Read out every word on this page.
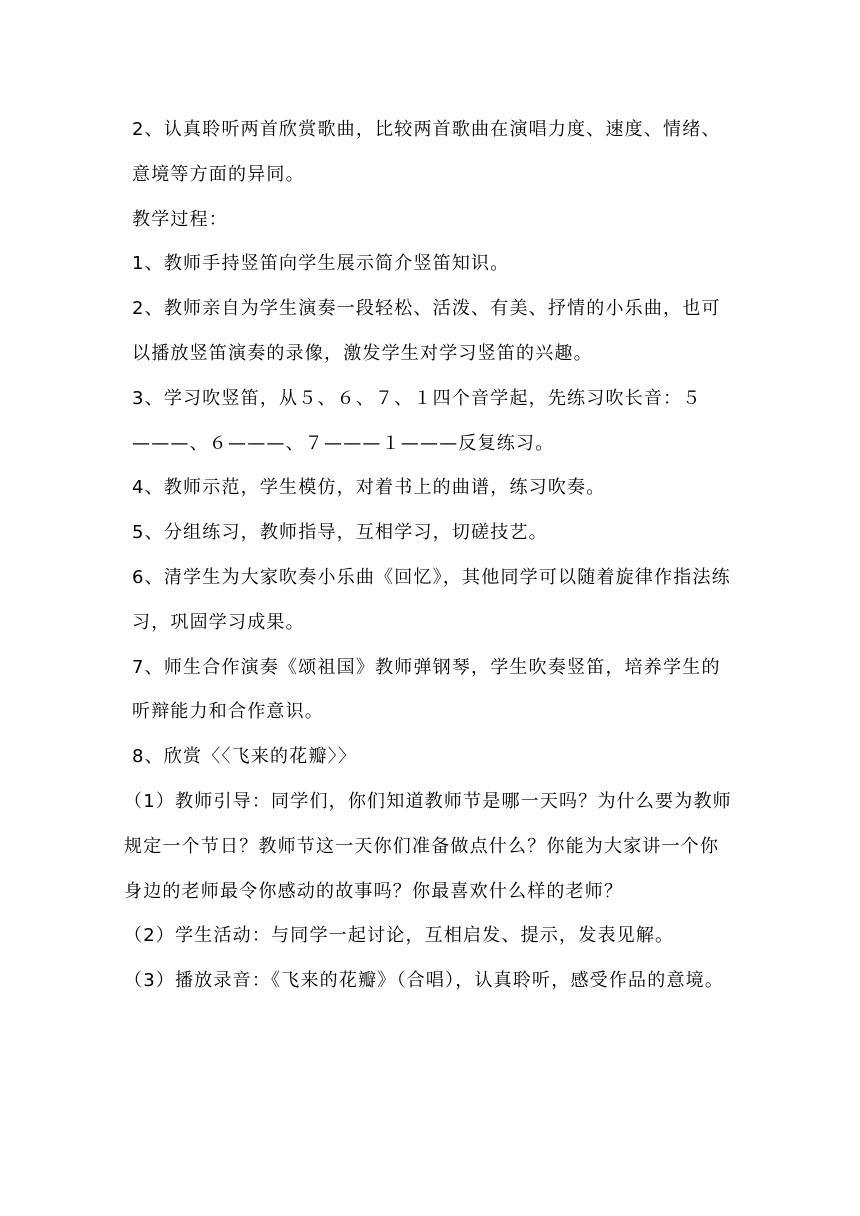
2、认真聆听两首欣赏歌曲，比较两首歌曲在演唱力度、速度、情绪、意境等方面的异同。

教学过程：

1、教师手持竖笛向学生展示简介竖笛知识。

2、教师亲自为学生演奏一段轻松、活泼、有美、抒情的小乐曲，也可以播放竖笛演奏的录像，激发学生对学习竖笛的兴趣。

3、学习吹竖笛，从５、６、７、１四个音学起，先练习吹长音：５———、６———、７———１———反复练习。

4、教师示范，学生模仿，对着书上的曲谱，练习吹奏。

5、分组练习，教师指导，互相学习，切磋技艺。

6、清学生为大家吹奏小乐曲《回忆》，其他同学可以随着旋律作指法练习，巩固学习成果。

7、师生合作演奏《颂祖国》教师弹钢琴，学生吹奏竖笛，培养学生的听辩能力和合作意识。

8、欣赏〈〈飞来的花瓣〉〉

（1）教师引导：同学们，你们知道教师节是哪一天吗？为什么要为教师规定一个节日？教师节这一天你们准备做点什么？你能为大家讲一个你身边的老师最令你感动的故事吗？你最喜欢什么样的老师？

（2）学生活动：与同学一起讨论，互相启发、提示，发表见解。

（3）播放录音：《飞来的花瓣》（合唱），认真聆听，感受作品的意境。
